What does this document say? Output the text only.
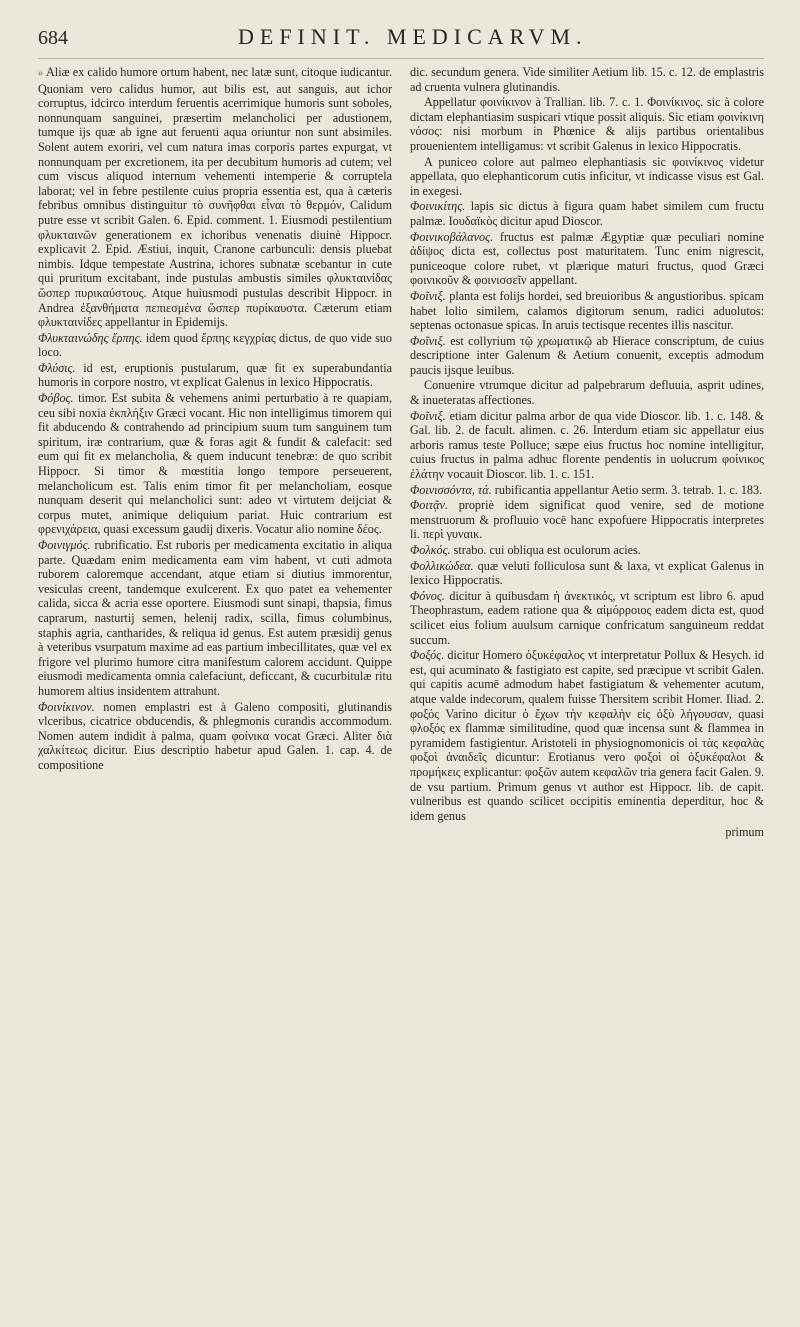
684	DEFINIT. MEDICARVM.

» Aliæ ex calido humore ortum habent, nec latæ sunt, citoque iudicantur. Quoniam vero calidus humor, aut bilis est, aut sanguis, aut ichor corruptus, idcirco interdum feruentis acerrimique humoris sunt soboles, nonnunquam sanguinei, præsertim melancholici per adustionem, tumque ijs quæ ab igne aut feruenti aqua oriuntur non sunt absimiles. Solent autem exoriri, vel cum natura imas corporis partes expurgat, vt nonnunquam per excretionem, ita per decubitum humoris ad cutem; vel cum viscus aliquod internum vehementi intemperie & corruptela laborat; vel in febre pestilente cuius propria essentia est, qua à cæteris febribus omnibus distinguitur τὸ συνῆφθαι εἶναι τὸ θερμόν, Calidum putre esse vt scribit Galen. 6. Epid. comment. 1. Eiusmodi pestilentium φλυκταινῶν generationem ex ichoribus venenatis diuinè Hippocr. explicavit 2. Epid. Æstiui, inquit, Cranone carbunculi: densis pluebat nimbis. Idque tempestate Austrina, ichores subnatæ scebantur in cute qui pruritum excitabant, inde pustulas ambustis similes φλυκταινίδας ὥσπερ πυρικαύστους. Atque huiusmodi pustulas describit Hippocr. in Andrea ἐξανθήματα πεπιεσμένα ὥσπερ πυρίκαυστα. Cæterum etiam φλυκταινίδες appellantur in Epidemijs.

Φλυκταινώδης ἔρπης. idem quod ἔρπης κεγχρίας dictus, de quo vide suo loco.

Φλύσις. id est, eruptionis pustularum, quæ fit ex superabundantia humoris in corpore nostro, vt explicat Galenus in lexico Hippocratis.

Φόβος. timor. Est subita & vehemens animi perturbatio à re quapiam, ceu sibi noxia ἐκπλήξιν Græci vocant. Hic non intelligimus timorem qui fit abducendo & contrahendo ad principium suum tum sanguinem tum spiritum, iræ contrarium, quæ & foras agit & fundit & calefacit: sed eum qui fit ex melancholia, & quem inducunt tenebræ: de quo scribit Hippocr. Si timor & mœstitia longo tempore perseuerent, melancholicum est. Talis enim timor fit per melancholiam, eosque nunquam deserit qui melancholici sunt: adeo vt virtutem deijciat & corpus mutet, animique deliquium pariat. Huic contrarium est φρενιχάρεια, quasi excessum gaudij dixeris. Vocatur alio nomine δέος.

Φοινιγμός. rubrificatio. Est ruboris per medicamenta excitatio in aliqua parte. Quædam enim medicamenta eam vim habent, vt cuti admota ruborem caloremque accendant, atque etiam si diutius immorentur, vesiculas creent, tandemque exulcerent. Ex quo patet ea vehementer calida, sicca & acria esse oportere. Eiusmodi sunt sinapi, thapsia, fimus caprarum, nasturtij semen, helenij radix, scilla, fimus columbinus, staphis agria, cantharides, & reliqua id genus. Est autem præsidij genus à veteribus vsurpatum maxime ad eas partium imbecillitates, quæ vel ex frigore vel plurimo humore citra manifestum calorem accidunt. Quippe eiusmodi medicamenta omnia calefaciunt, deficcant, & cucurbitulæ ritu humorem altius insidentem attrahunt.

Φοινίκινον. nomen emplastri est à Galeno compositi, glutinandis vlceribus, cicatrice obducendis, & phlegmonis curandis accommodum. Nomen autem indidit à palma, quam φοίνικα vocat Græci. Aliter διὰ χαλκίτεως dicitur. Eius descriptio habetur apud Galen. 1. cap. 4. de compositione

dic. secundum genera. Vide similiter Aetium lib. 15. c. 12. de emplastris ad cruenta vulnera glutinandis.

Appellatur φοινίκινον à Trallian. lib. 7. c. 1. Φοινίκινος. sic à colore dictam elephantiasim suspicari vtique possit aliquis. Sic etiam φοινίκινη νόσος: nisi morbum in Phœnice & alijs partibus orientalibus prouenientem intelligamus: vt scribit Galenus in lexico Hippocratis.

A puniceo colore aut palmeo elephantiasis sic φοινίκινος videtur appellata, quo elephanticorum cutis inficitur, vt indicasse visus est Gal. in exegesi.

Φοινικίτης. lapis sic dictus à figura quam habet similem cum fructu palmæ. Ιουδαϊκὸς dicitur apud Dioscor.

Φοινικοβάλανος. fructus est palmæ Ægyptiæ quæ peculiari nomine ἀδίψος dicta est, collectus post maturitatem. Tunc enim nigrescit, puniceoque colore rubet, vt plærique maturi fructus, quod Græci φοινικοῦν & φοινισσεῖν appellant.

Φοῖνιξ. planta est folijs hordei, sed breuioribus & angustioribus. spicam habet lolio similem, calamos digitorum senum, radici aduolutos: septenas octonasue spicas. In aruis tectisque recentes illis nascitur.

Φοῖνιξ. est collyrium τῷ χρωματικῷ ab Hierace conscriptum, de cuius descriptione inter Galenum & Aetium conuenit, exceptis admodum paucis ijsque leuibus.

Conuenire vtrumque dicitur ad palpebrarum defluuia, asprit udines, & inueteratas affectiones.

Φοῖνιξ. etiam dicitur palma arbor de qua vide Dioscor. lib. 1. c. 148. & Gal. lib. 2. de facult. alimen. c. 26. Interdum etiam sic appellatur eius arboris ramus teste Polluce; sæpe eius fructus hoc nomine intelligitur, cuius fructus in palma adhuc florente pendentis in uolucrum φοίνικος ἐλάτην vocauit Dioscor. lib. 1. c. 151.

Φοινισσόντα, τά. rubificantia appellantur Aetio serm. 3. tetrab. 1. c. 183.

Φοιτᾷν. propriè idem significat quod venire, sed de motione menstruorum & profluuio vocē hanc expofuere Hippocratis interpretes li. περὶ γυναικ.

Φολκός. strabo. cui obliqua est oculorum acies.

Φολλικώδεα. quæ veluti folliculosa sunt & laxa, vt explicat Galenus in lexico Hippocratis.

Φόνος. dicitur à quibusdam ἡ ἀνεκτικός, vt scriptum est libro 6. apud Theophrastum, eadem ratione qua & αἱμόρροιος eadem dicta est, quod scilicet eius folium auulsum carnique confricatum sanguineum reddat succum.

Φοξός. dicitur Homero ὀξυκέφαλος vt interpretatur Pollux & Hesych. id est, qui acuminato & fastigiato est capite, sed præcipue vt scribit Galen. qui capitis acumē admodum habet fastigiatum & vehementer acutum, atque valde indecorum, qualem fuisse Thersitem scribit Homer. Iliad. 2. φοξός Varino dicitur ὁ ἔχων τὴν κεφαλὴν εἰς ὀξὺ λήγουσαν, quasi φλοξός ex flammæ similitudine, quod quæ incensa sunt & flammea in pyramidem fastigientur. Aristoteli in physiognomonicis οἱ τὰς κεφαλὰς φοξοὶ ἀναιδεῖς dicuntur: Erotianus vero φοξοὶ οἱ ὀξυκέφαλοι & προμήκεις explicantur: φοξῶν autem κεφαλῶν tria genera facit Galen. 9. de vsu partium. Primum genus vt author est Hippocr. lib. de capit. vulneribus est quando scilicet occipitis eminentia deperditur, hoc & idem genus

primum
